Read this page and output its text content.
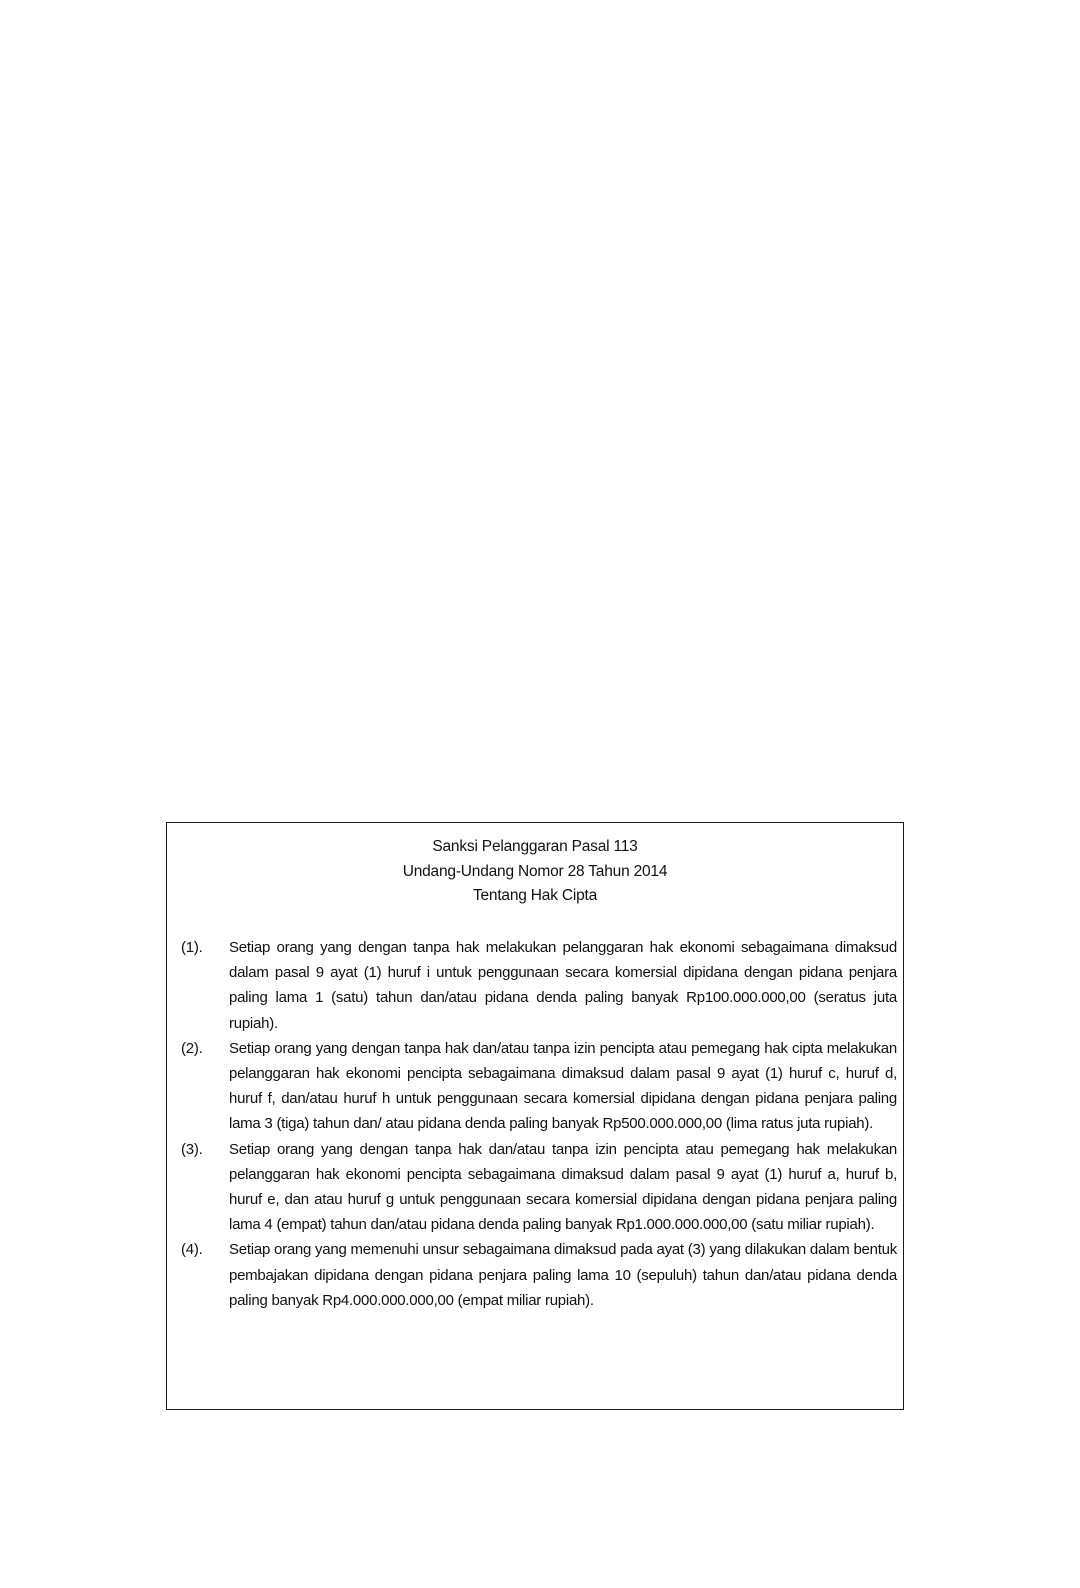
Sanksi Pelanggaran Pasal 113
Undang-Undang Nomor 28 Tahun 2014
Tentang Hak Cipta
(1). Setiap orang yang dengan tanpa hak melakukan pelanggaran hak ekonomi sebagaimana dimaksud dalam pasal 9 ayat (1) huruf i untuk penggunaan secara komersial dipidana dengan pidana penjara paling lama 1 (satu) tahun dan/atau pidana denda paling banyak Rp100.000.000,00 (seratus juta rupiah).
(2). Setiap orang yang dengan tanpa hak dan/atau tanpa izin pencipta atau pemegang hak cipta melakukan pelanggaran hak ekonomi pencipta sebagaimana dimaksud dalam pasal 9 ayat (1) huruf c, huruf d, huruf f, dan/atau huruf h untuk penggunaan secara komersial dipidana dengan pidana penjara paling lama 3 (tiga) tahun dan/ atau pidana denda paling banyak Rp500.000.000,00 (lima ratus juta rupiah).
(3). Setiap orang yang dengan tanpa hak dan/atau tanpa izin pencipta atau pemegang hak melakukan pelanggaran hak ekonomi pencipta sebagaimana dimaksud dalam pasal 9 ayat (1) huruf a, huruf b, huruf e, dan atau huruf g untuk penggunaan secara komersial dipidana dengan pidana penjara paling lama 4 (empat) tahun dan/atau pidana denda paling banyak Rp1.000.000.000,00 (satu miliar rupiah).
(4). Setiap orang yang memenuhi unsur sebagaimana dimaksud pada ayat (3) yang dilakukan dalam bentuk pembajakan dipidana dengan pidana penjara paling lama 10 (sepuluh) tahun dan/atau pidana denda paling banyak Rp4.000.000.000,00 (empat miliar rupiah).
